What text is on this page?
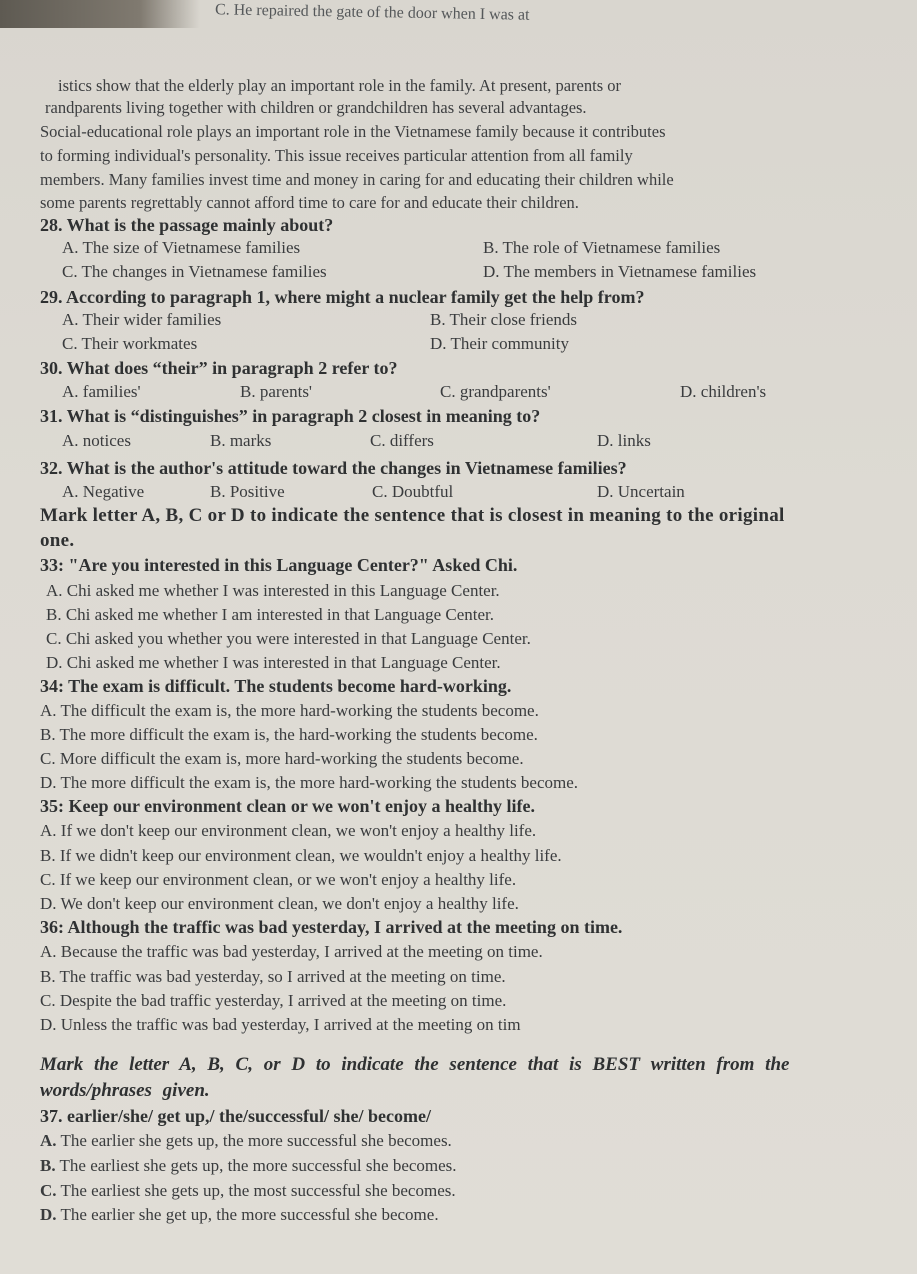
C. He repaired the gate of the door when I was at
istics show that the elderly play an important role in the family. At present, parents or
randparents living together with children or grandchildren has several advantages.
Social-educational role plays an important role in the Vietnamese family because it contributes
to forming individual's personality. This issue receives particular attention from all family
members. Many families invest time and money in caring for and educating their children while
some parents regrettably cannot afford time to care for and educate their children.
28. What is the passage mainly about?
A. The size of Vietnamese families	B. The role of Vietnamese families
C. The changes in Vietnamese families	D. The members in Vietnamese families
29. According to paragraph 1, where might a nuclear family get the help from?
A. Their wider families	B. Their close friends
C. Their workmates	D. Their community
30. What does “their” in paragraph 2 refer to?
A. families'	B. parents'	C. grandparents'	D. children's
31. What is “distinguishes” in paragraph 2 closest in meaning to?
A. notices	B. marks	C. differs	D. links
32. What is the author's attitude toward the changes in Vietnamese families?
A. Negative	B. Positive	C. Doubtful	D. Uncertain
Mark letter A, B, C or D to indicate the sentence that is closest in meaning to the original
one.
33: "Are you interested in this Language Center?" Asked Chi.
A. Chi asked me whether I was interested in this Language Center.
B. Chi asked me whether I am interested in that Language Center.
C. Chi asked you whether you were interested in that Language Center.
D. Chi asked me whether I was interested in that Language Center.
34: The exam is difficult. The students become hard-working.
A. The difficult the exam is, the more hard-working the students become.
B. The more difficult the exam is, the hard-working the students become.
C. More difficult the exam is, more hard-working the students become.
D. The more difficult the exam is, the more hard-working the students become.
35: Keep our environment clean or we won't enjoy a healthy life.
A. If we don't keep our environment clean, we won't enjoy a healthy life.
B. If we didn't keep our environment clean, we wouldn't enjoy a healthy life.
C. If we keep our environment clean, or we won't enjoy a healthy life.
D. We don't keep our environment clean, we don't enjoy a healthy life.
36: Although the traffic was bad yesterday, I arrived at the meeting on time.
A. Because the traffic was bad yesterday, I arrived at the meeting on time.
B. The traffic was bad yesterday, so I arrived at the meeting on time.
C. Despite the bad traffic yesterday, I arrived at the meeting on time.
D. Unless the traffic was bad yesterday, I arrived at the meeting on tim
Mark the letter A, B, C, or D to indicate the sentence that is BEST written from the
words/phrases given.
37. earlier/she/ get up,/ the/successful/ she/ become/
A. The earlier she gets up, the more successful she becomes.
B. The earliest she gets up, the more successful she becomes.
C. The earliest she gets up, the most successful she becomes.
D. The earlier she get up, the more successful she become.
